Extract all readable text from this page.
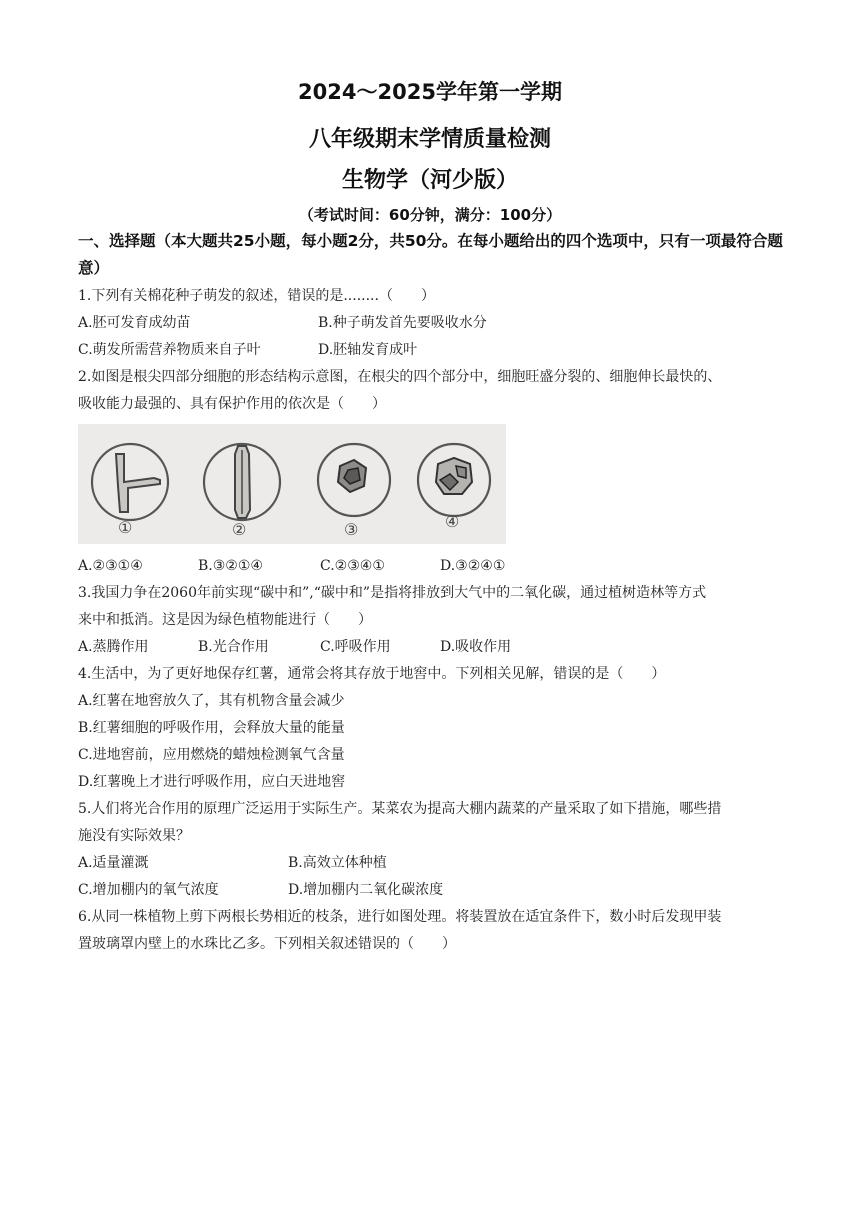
2024～2025学年第一学期
八年级期末学情质量检测
生物学（河少版）
（考试时间：60分钟，满分：100分）
一、选择题（本大题共25小题，每小题2分，共50分。在每小题给出的四个选项中，只有一项最符合题意）
1.下列有关棉花种子萌发的叙述，错误的是........（　　）
A.胚可发育成幼苗	B.种子萌发首先要吸收水分
C.萌发所需营养物质来自子叶	D.胚轴发育成叶
2.如图是根尖四部分细胞的形态结构示意图，在根尖的四个部分中，细胞旺盛分裂的、细胞伸长最快的、
吸收能力最强的、具有保护作用的依次是（　　）
①	②	③	④
A.②③①④	B.③②①④	C.②③④①	D.③②④①
3.我国力争在2060年前实现“碳中和”,“碳中和”是指将排放到大气中的二氧化碳，通过植树造林等方式
来中和抵消。这是因为绿色植物能进行（　　）
A.蒸腾作用	B.光合作用	C.呼吸作用	D.吸收作用
4.生活中，为了更好地保存红薯，通常会将其存放于地窖中。下列相关见解，错误的是（　　）
A.红薯在地窖放久了，其有机物含量会减少
B.红薯细胞的呼吸作用，会释放大量的能量
C.进地窖前，应用燃烧的蜡烛检测氧气含量
D.红薯晚上才进行呼吸作用，应白天进地窖
5.人们将光合作用的原理广泛运用于实际生产。某菜农为提高大棚内蔬菜的产量采取了如下措施，哪些措
施没有实际效果？
A.适量灌溉	B.高效立体种植
C.增加棚内的氧气浓度	D.增加棚内二氧化碳浓度
6.从同一株植物上剪下两根长势相近的枝条，进行如图处理。将装置放在适宜条件下，数小时后发现甲装
置玻璃罩内壁上的水珠比乙多。下列相关叙述错误的（　　）
